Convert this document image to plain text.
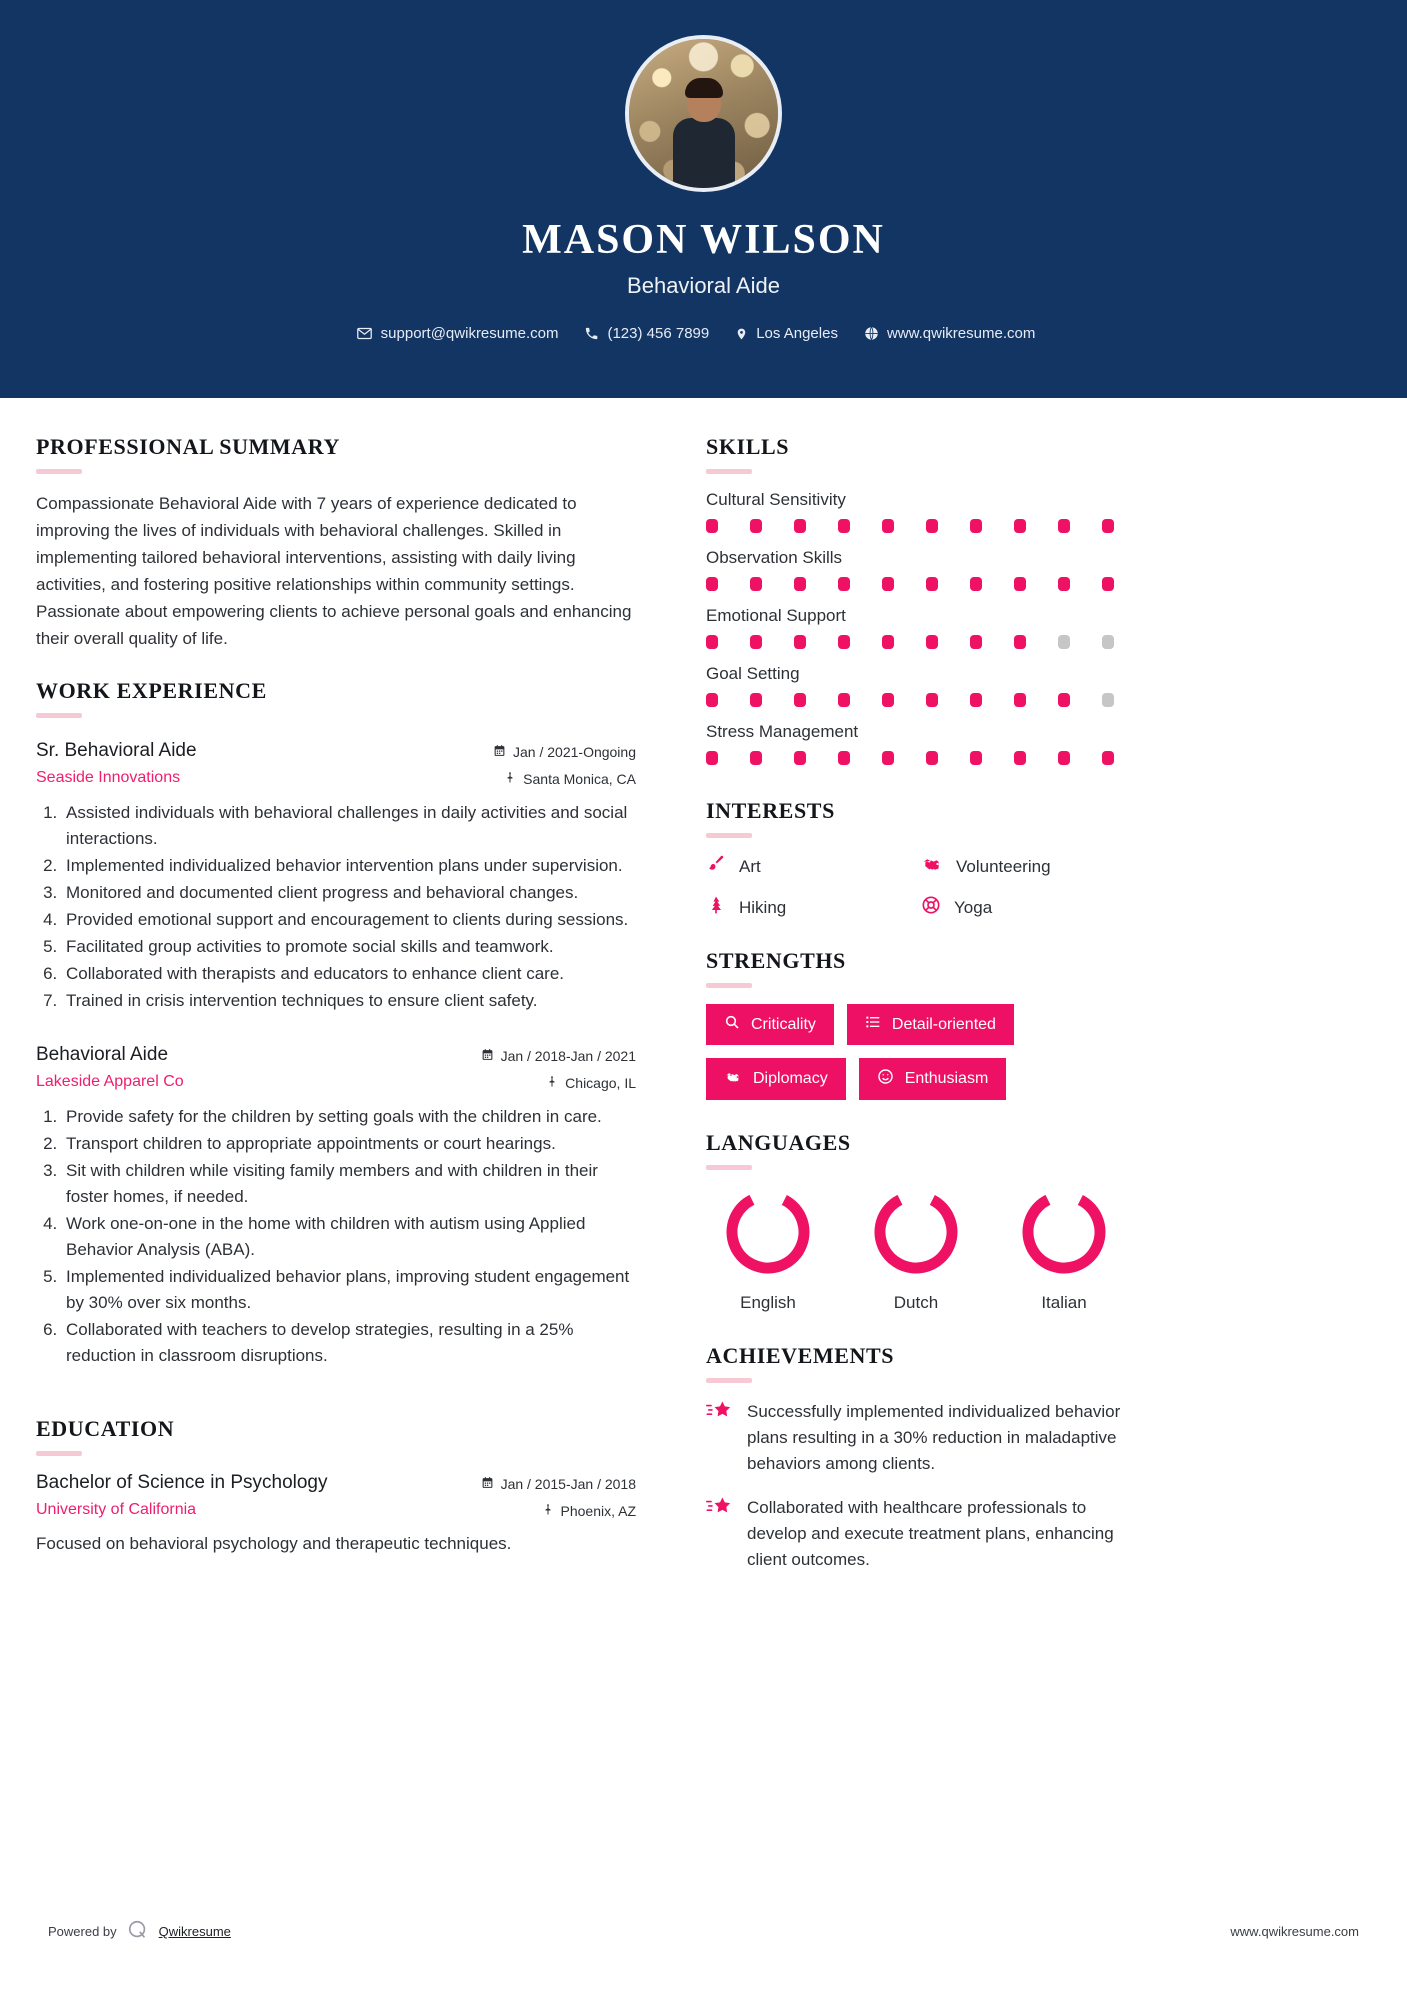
MASON WILSON
Behavioral Aide
support@qwikresume.com	(123) 456 7899	Los Angeles	www.qwikresume.com
PROFESSIONAL SUMMARY
Compassionate Behavioral Aide with 7 years of experience dedicated to improving the lives of individuals with behavioral challenges. Skilled in implementing tailored behavioral interventions, assisting with daily living activities, and fostering positive relationships within community settings. Passionate about empowering clients to achieve personal goals and enhancing their overall quality of life.
WORK EXPERIENCE
Sr. Behavioral Aide
Seaside Innovations
Jan / 2021-Ongoing
Santa Monica, CA
1. Assisted individuals with behavioral challenges in daily activities and social interactions.
2. Implemented individualized behavior intervention plans under supervision.
3. Monitored and documented client progress and behavioral changes.
4. Provided emotional support and encouragement to clients during sessions.
5. Facilitated group activities to promote social skills and teamwork.
6. Collaborated with therapists and educators to enhance client care.
7. Trained in crisis intervention techniques to ensure client safety.
Behavioral Aide
Lakeside Apparel Co
Jan / 2018-Jan / 2021
Chicago, IL
1. Provide safety for the children by setting goals with the children in care.
2. Transport children to appropriate appointments or court hearings.
3. Sit with children while visiting family members and with children in their foster homes, if needed.
4. Work one-on-one in the home with children with autism using Applied Behavior Analysis (ABA).
5. Implemented individualized behavior plans, improving student engagement by 30% over six months.
6. Collaborated with teachers to develop strategies, resulting in a 25% reduction in classroom disruptions.
EDUCATION
Bachelor of Science in Psychology
University of California
Jan / 2015-Jan / 2018
Phoenix, AZ
Focused on behavioral psychology and therapeutic techniques.
SKILLS
Cultural Sensitivity
Observation Skills
Emotional Support
Goal Setting
Stress Management
INTERESTS
Art	Volunteering
Hiking	Yoga
STRENGTHS
Criticality	Detail-oriented
Diplomacy	Enthusiasm
LANGUAGES
English	Dutch	Italian
ACHIEVEMENTS
Successfully implemented individualized behavior plans resulting in a 30% reduction in maladaptive behaviors among clients.
Collaborated with healthcare professionals to develop and execute treatment plans, enhancing client outcomes.
Powered by	Qwikresume	www.qwikresume.com
